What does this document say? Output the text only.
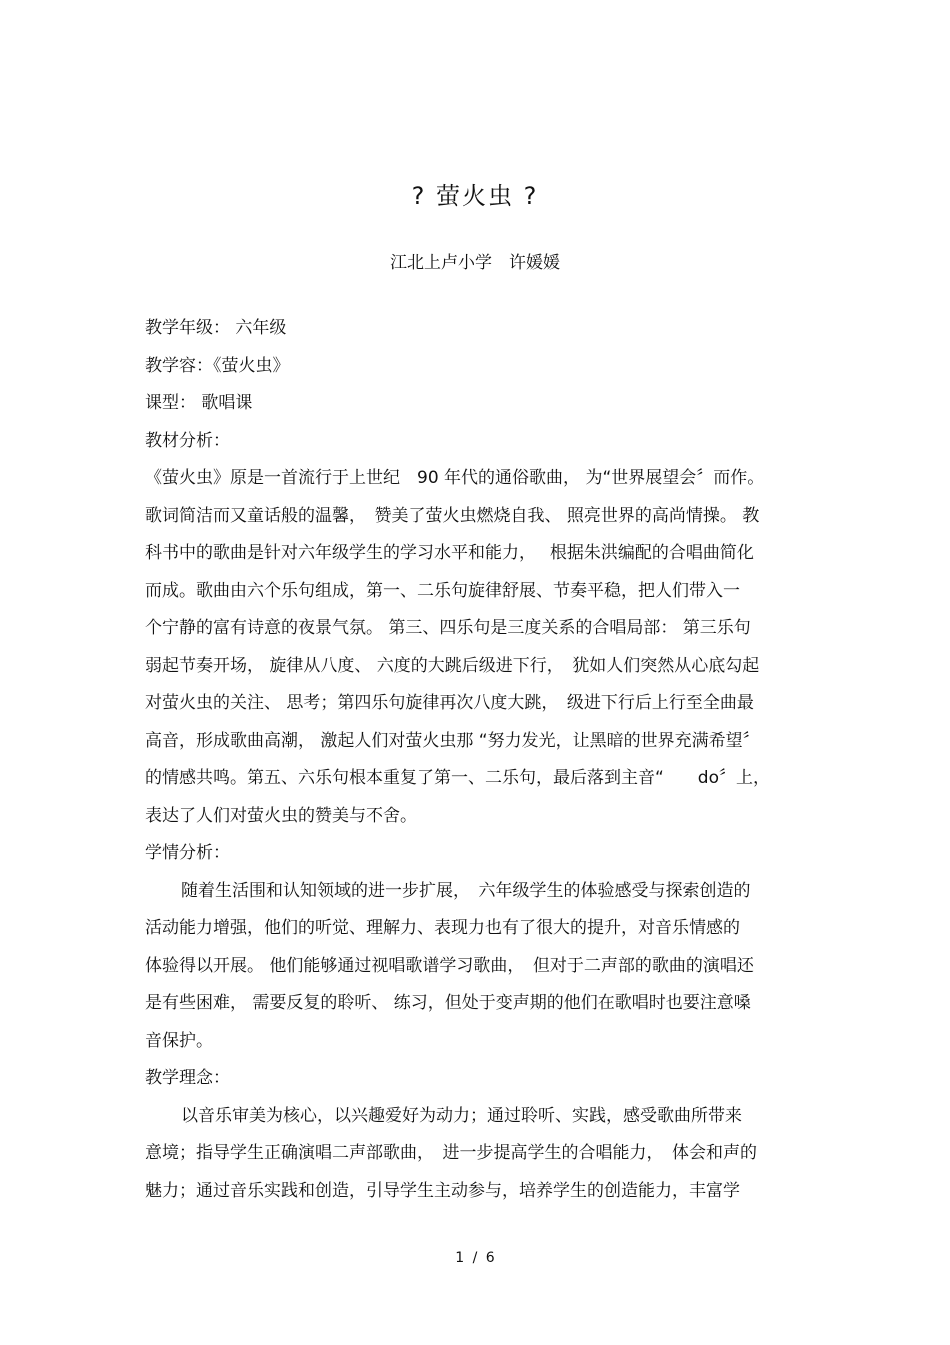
? 萤火虫 ?
江北上卢小学　许媛媛
教学年级： 六年级
教学容：《萤火虫》
课型： 歌唱课
教材分析：
《萤火虫》原是一首流行于上世纪　90 年代的通俗歌曲， 为“世界展望会〞而作。
歌词简洁而又童话般的温馨，　赞美了萤火虫燃烧自我、 照亮世界的高尚情操。 教
科书中的歌曲是针对六年级学生的学习水平和能力，　 根据朱洪编配的合唱曲简化
而成。歌曲由六个乐句组成，第一、二乐句旋律舒展、节奏平稳，把人们带入一
个宁静的富有诗意的夜景气氛。 第三、四乐句是三度关系的合唱局部： 第三乐句
弱起节奏开场， 旋律从八度、 六度的大跳后级进下行，　犹如人们突然从心底勾起
对萤火虫的关注、 思考；第四乐句旋律再次八度大跳，　级进下行后上行至全曲最
高音，形成歌曲高潮， 激起人们对萤火虫那 “努力发光，让黑暗的世界充满希望〞
的情感共鸣。第五、六乐句根本重复了第一、二乐句，最后落到主音“　　do〞上，
表达了人们对萤火虫的赞美与不舍。
学情分析：
随着生活围和认知领域的进一步扩展，　六年级学生的体验感受与探索创造的
活动能力增强，他们的听觉、理解力、表现力也有了很大的提升，对音乐情感的
体验得以开展。 他们能够通过视唱歌谱学习歌曲，　但对于二声部的歌曲的演唱还
是有些困难， 需要反复的聆听、 练习，但处于变声期的他们在歌唱时也要注意嗓
音保护。
教学理念：
以音乐审美为核心，以兴趣爱好为动力；通过聆听、实践，感受歌曲所带来
意境；指导学生正确演唱二声部歌曲，　进一步提高学生的合唱能力，　体会和声的
魅力；通过音乐实践和创造，引导学生主动参与，培养学生的创造能力，丰富学
1 / 6
